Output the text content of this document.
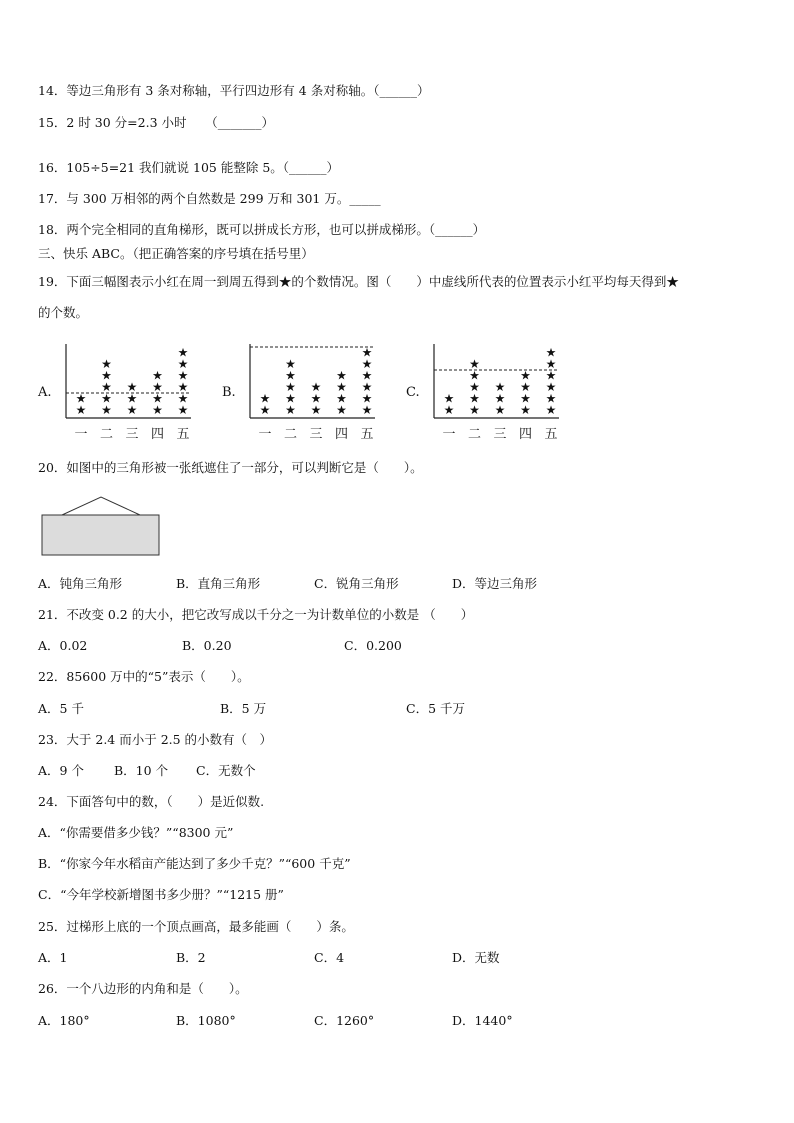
14．等边三角形有 3 条对称轴，平行四边形有 4 条对称轴。（______）
15．2 时 30 分=2.3 小时　　（_______）
16．105÷5=21 我们就说 105 能整除 5。（______）
17．与 300 万相邻的两个自然数是 299 万和 301 万。_____
18．两个完全相同的直角梯形，既可以拼成长方形，也可以拼成梯形。（______）
三、快乐 ABC。（把正确答案的序号填在括号里）
19．下面三幅图表示小红在周一到周五得到★的个数情况。图（　　）中虚线所代表的位置表示小红平均每天得到★
的个数。
A.
★
★
一
★
★
★
★
★
二
★
★
★
三
★
★
★
★
四
★
★
★
★
★
★
五
B.
★
★
一
★
★
★
★
★
二
★
★
★
三
★
★
★
★
四
★
★
★
★
★
★
五
C.
★
★
一
★
★
★
★
★
二
★
★
★
三
★
★
★
★
四
★
★
★
★
★
★
五
20．如图中的三角形被一张纸遮住了一部分，可以判断它是（　　）。
A．钝角三角形	B．直角三角形	C．锐角三角形	D．等边三角形
21．不改变 0.2 的大小，把它改写成以千分之一为计数单位的小数是 （　　）
A．0.02	B．0.20	C．0.200
22．85600 万中的“5”表示（　　）。
A．5 千	B．5 万	C．5 千万
23．大于 2.4 而小于 2.5 的小数有（　）
A．9 个 B．10 个 C．无数个
24．下面答句中的数，（　　）是近似数.
A．“你需要借多少钱？”“8300 元”
B．“你家今年水稻亩产能达到了多少千克？”“600 千克”
C．“今年学校新增图书多少册？”“1215 册”
25．过梯形上底的一个顶点画高，最多能画（　　）条。
A．1	B．2	C．4	D．无数
26．一个八边形的内角和是（　　）。
A．180°	B．1080°	C．1260°	D．1440°
